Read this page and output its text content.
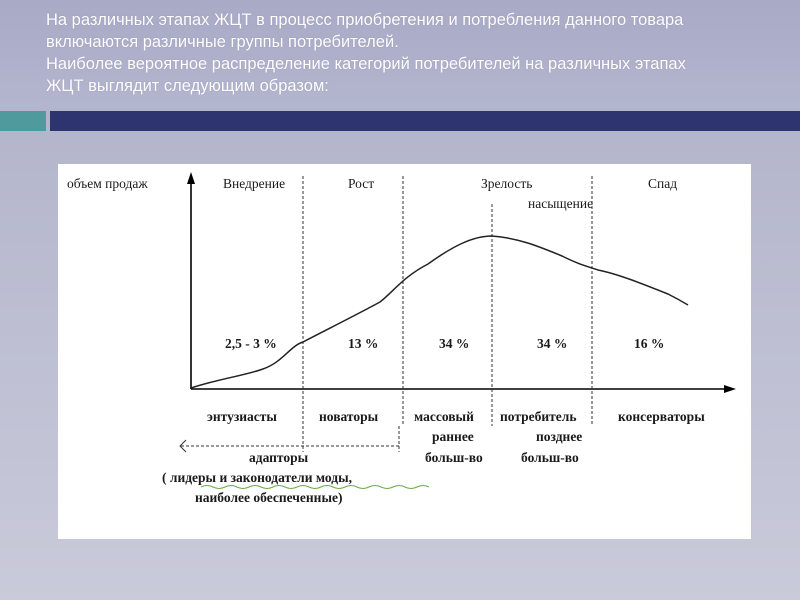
На различных этапах ЖЦТ в процесс приобретения и потребления данного товара

включаются различные группы потребителей.

Наиболее вероятное распределение категорий потребителей на различных этапах

ЖЦТ выглядит следующим образом:

объем продаж	Внедрение	Рост	Зрелость
насыщение
Спад
2,5 - 3 %	13 %	34 %	34 %	16 %
энтузиасты	новаторы	массовый
раннее
больш-во
потребитель
позднее
больш-во
консерваторы
адапторы
( лидеры и законодатели моды,
наиболее обеспеченные)
